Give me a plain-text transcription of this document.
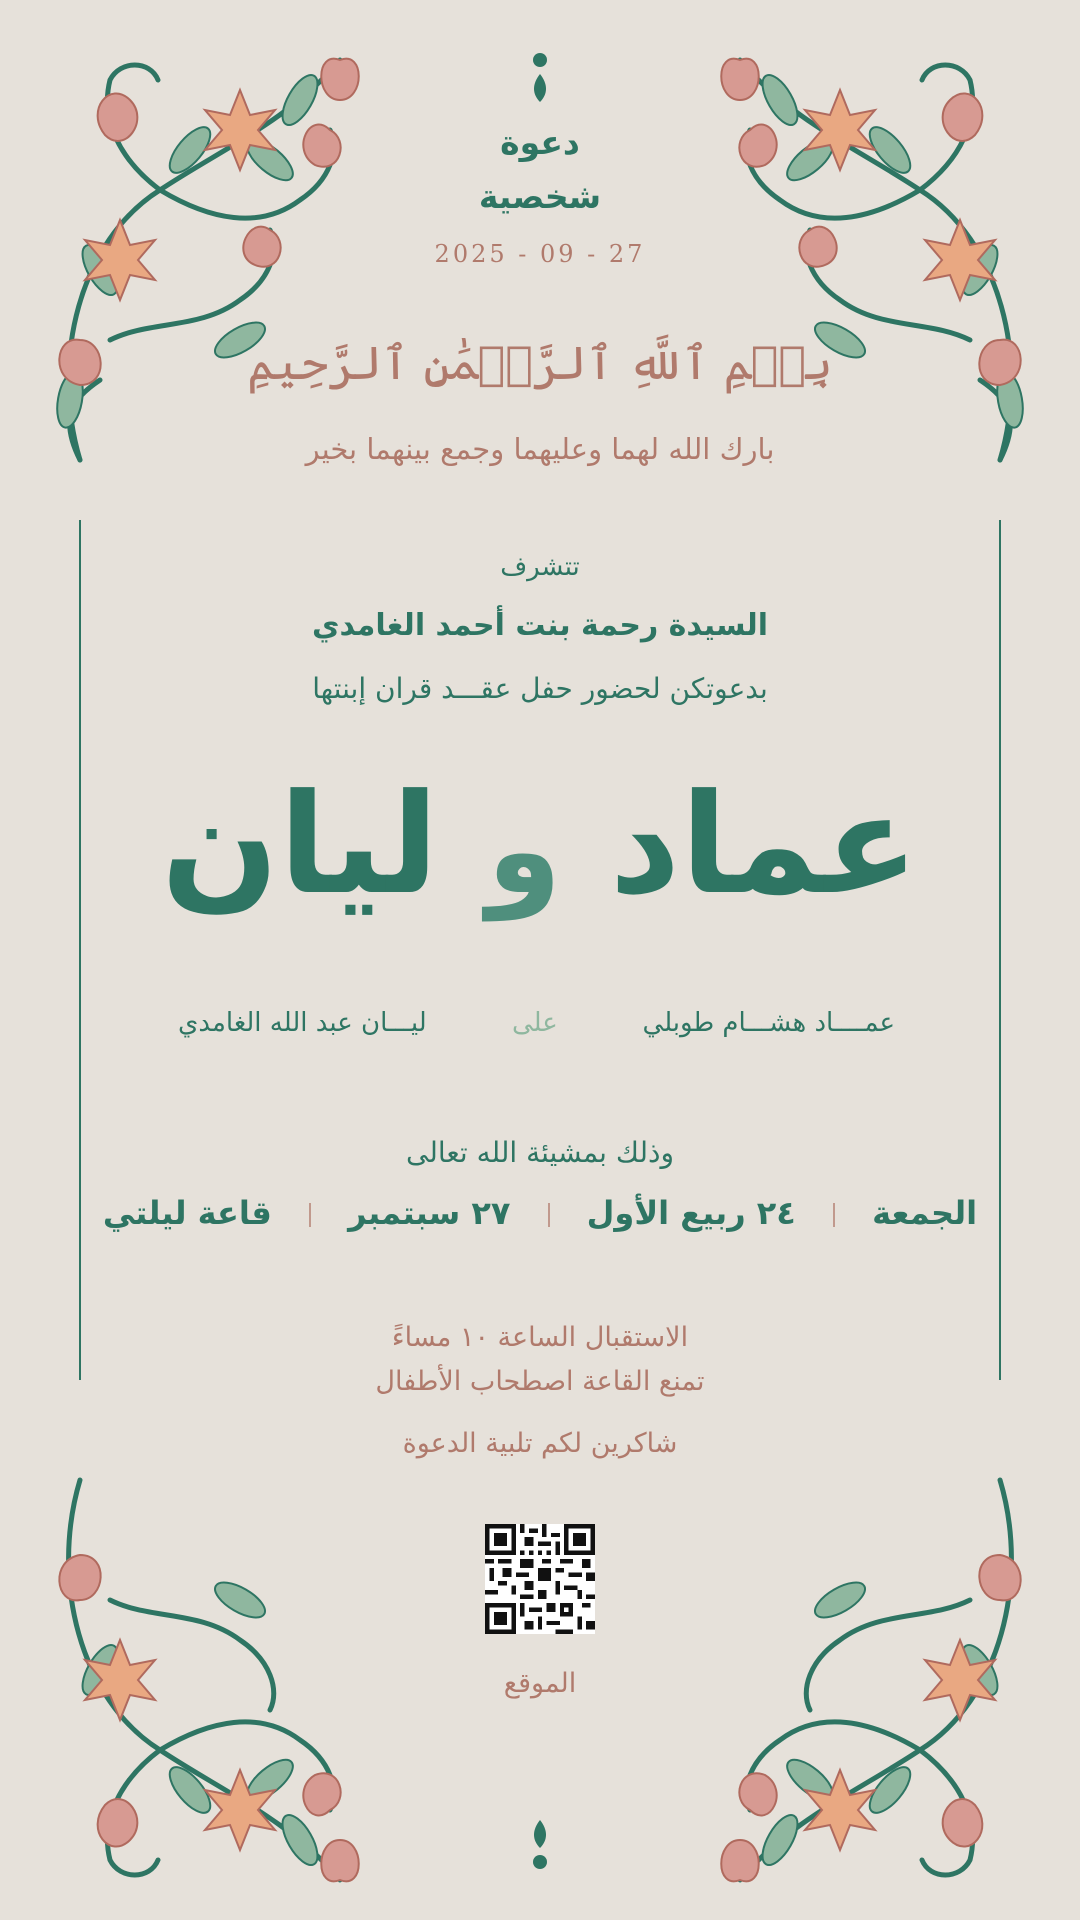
دعوة
شخصية
2025 - 09 - 27
بِسۡمِ ٱللَّهِ ٱلرَّحۡمَٰنِ ٱلرَّحِيمِ
بارك الله لهما وعليهما وجمع بينهما بخير
تتشرف
السيدة رحمة بنت أحمد الغامدي
بدعوتكن لحضور حفل عقـــد قران إبنتها
عماد و ليان
عمــــاد هشـــام طوبلي
على
ليـــان عبد الله الغامدي
وذلك بمشيئة الله تعالى
الجمعة  ٢٤ ربيع الأول  ٢٧ سبتمبر  قاعة ليلتي
الاستقبال الساعة ١٠ مساءً
تمنع القاعة اصطحاب الأطفال
شاكرين لكم تلبية الدعوة
الموقع
